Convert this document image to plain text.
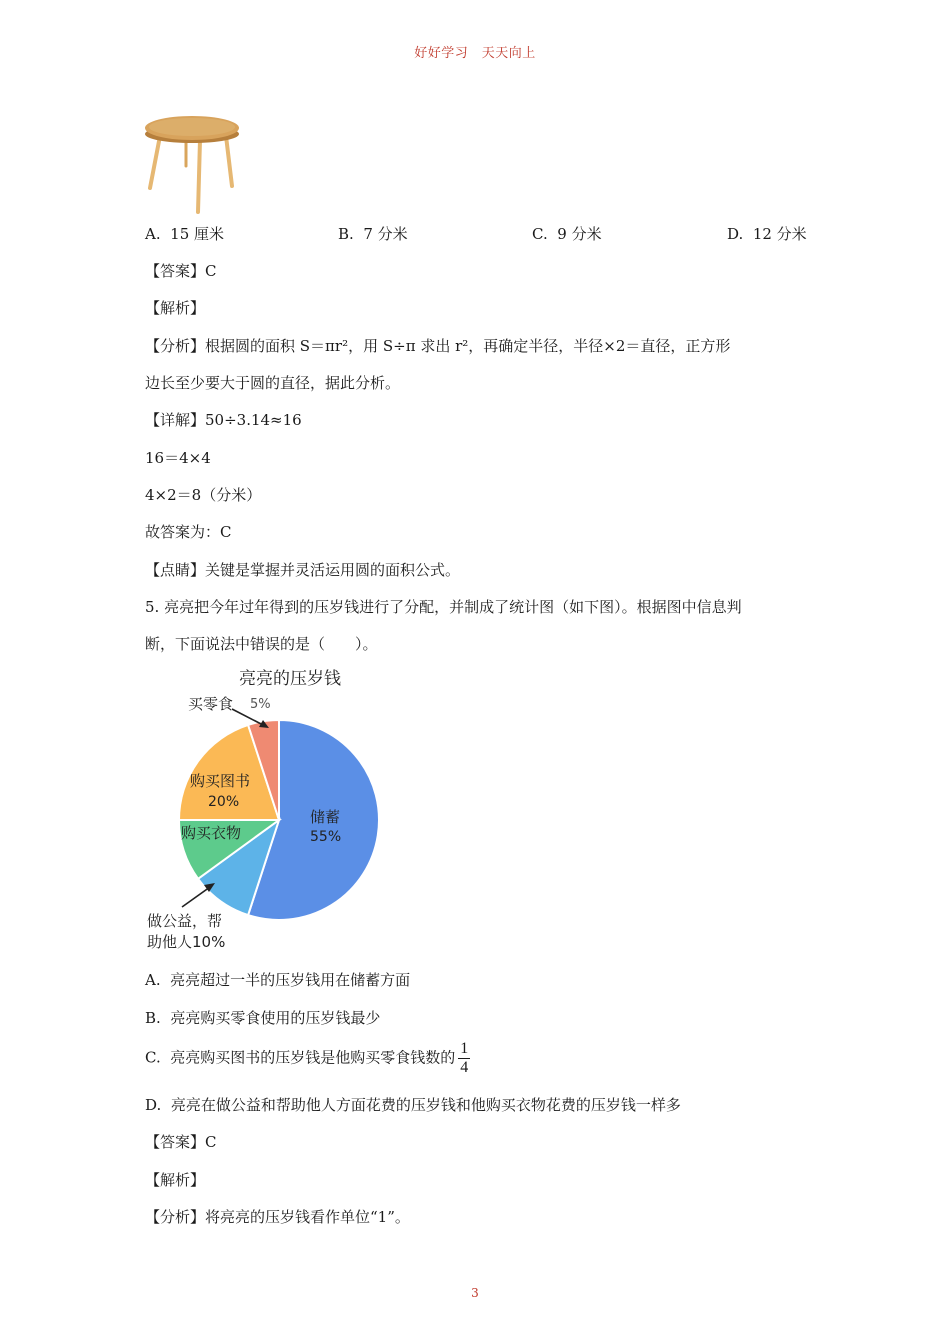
好好学习　天天向上
A. 15 厘米	B. 7 分米	C. 9 分米	D. 12 分米
【答案】C
【解析】
【分析】根据圆的面积 S＝πr²，用 S÷π 求出 r²，再确定半径，半径×2＝直径，正方形
边长至少要大于圆的直径，据此分析。
【详解】50÷3.14≈16
16＝4×4
4×2＝8（分米）
故答案为：C
【点睛】关键是掌握并灵活运用圆的面积公式。
5. 亮亮把今年过年得到的压岁钱进行了分配，并制成了统计图（如下图）。根据图中信息判
断，下面说法中错误的是（　　）。
亮亮的压岁钱
买零食 5%
购买图书
20%
购买衣物
储蓄
55%
做公益，帮
助他人10%
A. 亮亮超过一半的压岁钱用在储蓄方面
B. 亮亮购买零食使用的压岁钱最少
C. 亮亮购买图书的压岁钱是他购买零食钱数的 $\frac{1}{4}$
D. 亮亮在做公益和帮助他人方面花费的压岁钱和他购买衣物花费的压岁钱一样多
【答案】C
【解析】
【分析】将亮亮的压岁钱看作单位“1”。
3
